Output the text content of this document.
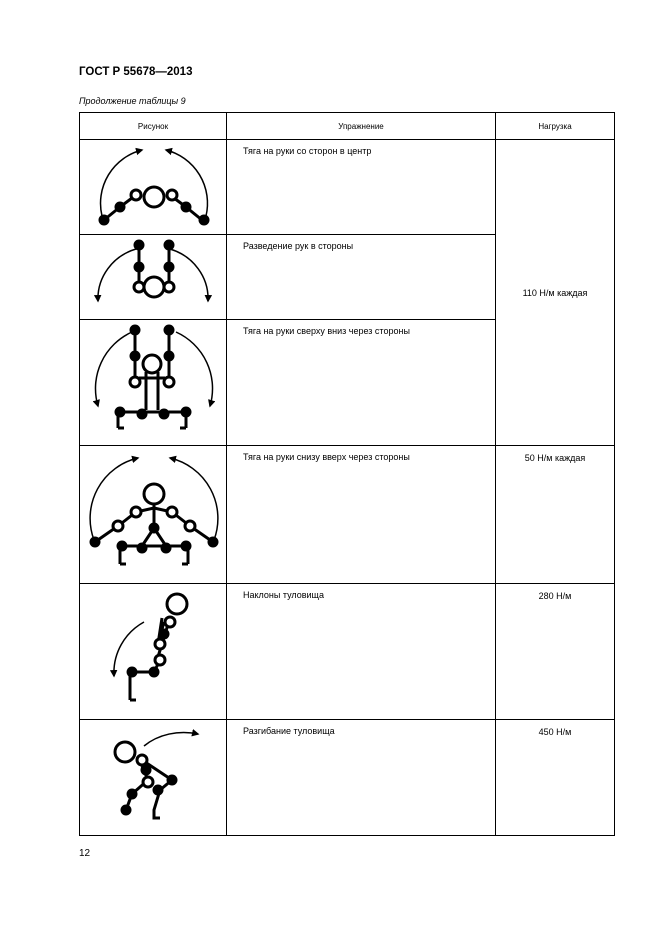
ГОСТ Р 55678—2013
Продолжение таблицы 9
Рисунок	Упражнение	Нагрузка

	Тяга на руки со сторон в центр	110 Н/м каждая

	Разведение рук в стороны	

	Тяга на руки сверху вниз через стороны	

	Тяга на руки снизу вверх через стороны	50 Н/м каждая

	Наклоны туловища	280 Н/м

	Разгибание туловища	450 Н/м
12
